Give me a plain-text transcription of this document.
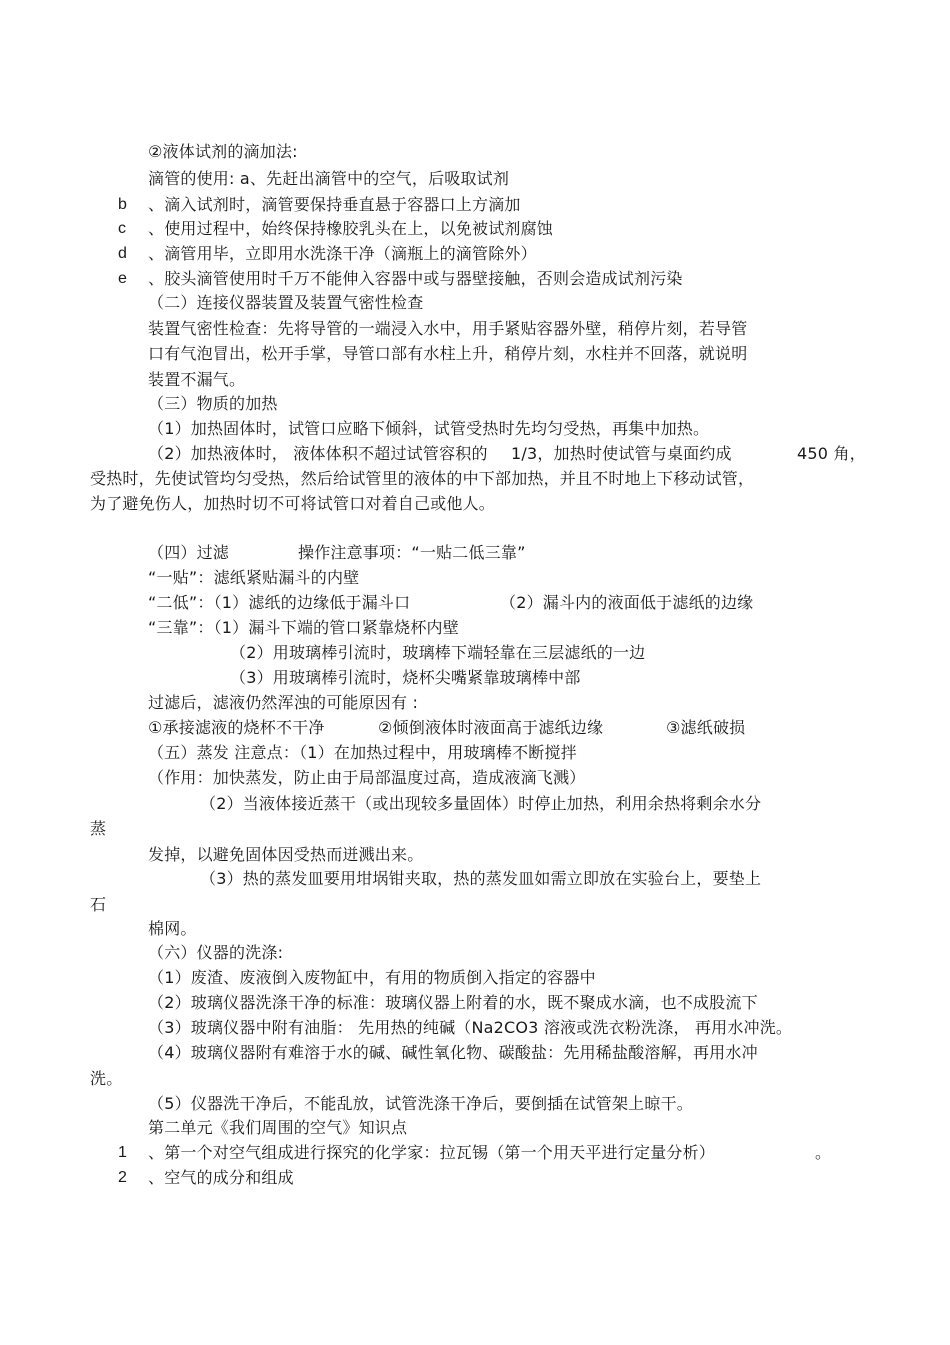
②液体试剂的滴加法:
滴管的使用: a、先赶出滴管中的空气，后吸取试剂
b 、滴入试剂时，滴管要保持垂直悬于容器口上方滴加
c 、使用过程中，始终保持橡胶乳头在上，以免被试剂腐蚀
d 、滴管用毕，立即用水洗涤干净（滴瓶上的滴管除外）
e 、胶头滴管使用时千万不能伸入容器中或与器壁接触，否则会造成试剂污染
（二）连接仪器装置及装置气密性检查
装置气密性检查：先将导管的一端浸入水中，用手紧贴容器外壁，稍停片刻，若导管
口有气泡冒出，松开手掌，导管口部有水柱上升，稍停片刻，水柱并不回落，就说明
装置不漏气。
（三）物质的加热
（1）加热固体时，试管口应略下倾斜，试管受热时先均匀受热，再集中加热。
（2）加热液体时， 液体体积不超过试管容积的 1/3，加热时使试管与桌面约成	450 角，
受热时，先使试管均匀受热，然后给试管里的液体的中下部加热，并且不时地上下移动试管，
为了避免伤人，加热时切不可将试管口对着自己或他人。
（四）过滤	操作注意事项：“一贴二低三靠”
“一贴”：滤纸紧贴漏斗的内壁
“二低”：（1）滤纸的边缘低于漏斗口	（2）漏斗内的液面低于滤纸的边缘
“三靠”：（1）漏斗下端的管口紧靠烧杯内壁
（2）用玻璃棒引流时，玻璃棒下端轻靠在三层滤纸的一边
（3）用玻璃棒引流时，烧杯尖嘴紧靠玻璃棒中部
过滤后，滤液仍然浑浊的可能原因有 :
①承接滤液的烧杯不干净	②倾倒液体时液面高于滤纸边缘	③滤纸破损
（五）蒸发 注意点：（1）在加热过程中，用玻璃棒不断搅拌
（作用：加快蒸发，防止由于局部温度过高，造成液滴飞溅）
（2）当液体接近蒸干（或出现较多量固体）时停止加热，利用余热将剩余水分
蒸
发掉，以避免固体因受热而迸溅出来。
（3）热的蒸发皿要用坩埚钳夹取，热的蒸发皿如需立即放在实验台上，要垫上
石
棉网。
（六）仪器的洗涤:
（1）废渣、废液倒入废物缸中，有用的物质倒入指定的容器中
（2）玻璃仪器洗涤干净的标准：玻璃仪器上附着的水，既不聚成水滴，也不成股流下
（3）玻璃仪器中附有油脂： 先用热的纯碱（Na2CO3 溶液或洗衣粉洗涤， 再用水冲洗。
（4）玻璃仪器附有难溶于水的碱、碱性氧化物、碳酸盐：先用稀盐酸溶解，再用水冲
洗。
（5）仪器洗干净后，不能乱放，试管洗涤干净后，要倒插在试管架上晾干。
第二单元《我们周围的空气》知识点
1 、第一个对空气组成进行探究的化学家：拉瓦锡（第一个用天平进行定量分析）	。
2 、空气的成分和组成
